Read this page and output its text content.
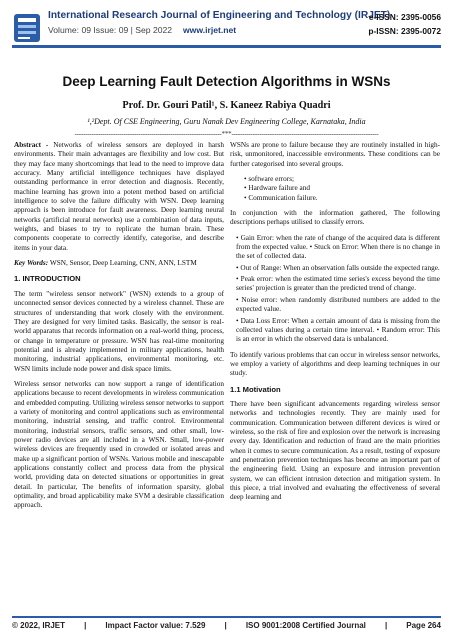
International Research Journal of Engineering and Technology (IRJET)
Volume: 09 Issue: 09 | Sep 2022 www.irjet.net
e-ISSN: 2395-0056
p-ISSN: 2395-0072
Deep Learning Fault Detection Algorithms in WSNs
Prof. Dr. Gouri Patil¹, S. Kaneez Rabiya Quadri
¹,²Dept. Of CSE Engineering, Guru Nanak Dev Engineering College, Karnataka, India
---------------------------------------------------------------------***---------------------------------------------------------------------

Abstract - Networks of wireless sensors are deployed in harsh environments. Their main advantages are flexibility and low cost. But they may face many shortcomings that lead to the need to improve data accuracy. Many artificial intelligence techniques have displayed outstanding performance in error detection and diagnosis. Recently, machine learning has grown into a potent method based on artificial intelligence to solve the failure difficulty with WSN. Deep learning approach is been introduce for fault awareness. Deep learning neural networks (artificial neural networks) use a combination of data inputs, weights, and biases to try to replicate the human brain. These components cooperate to correctly identify, categorise, and describe items in your data.

Key Words: WSN, Sensor, Deep Learning, CNN, ANN, LSTM

1. INTRODUCTION

The term "wireless sensor network" (WSN) extends to a group of unconnected sensor devices connected by a wireless channel. These are structures of understanding that work closely with the environment. They are designed for very limited tasks. Basically, the sensor is real-world apparatus that records information on a real-world thing, process, or change in temperature or pressure. WSN has real-time monitoring potential and is already implemented in military applications, health monitoring, industrial applications, environmental monitoring, etc. WSN limits include node power and disk space limits.

Wireless sensor networks can now support a range of identification applications because to recent developments in wireless communication and embedded computing. Utilizing wireless sensor networks to support a variety of monitoring and control applications such as environmental monitoring, industrial sensing, and traffic control. Environmental monitoring, industrial sensors, traffic sensors, and other small, low-power radio devices are all included in a WSN. Small, low-power wireless devices are frequently used in crowded or isolated areas and make up a significant portion of WSNs. Various mobile and inescapable applications constantly collect and process data from the physical world, providing data on detected situations or opportunities in great detail. In particular, The benefits of information sparsity, global optimality, and broad applicability make SVM a desirable classification approach.

WSNs are prone to failure because they are routinely installed in high-risk, unmonitored, inaccessible environments. These conditions can be further categorised into several groups.

• software errors;
• Hardware failure and
• Communication failure.

In conjunction with the information gathered, The following descriptions perhaps utilised to classify errors.

• Gain Error: when the rate of change of the acquired data is different from the expected value. • Stuck on Error: When there is no change in the set of collected data.

• Out of Range: When an observation falls outside the expected range.

• Peak error: when the estimated time series's excess beyond the time series' projection is greater than the predicted trend of change.

• Noise error: when randomly distributed numbers are added to the expected value.

• Data Loss Error: When a certain amount of data is missing from the collected values during a certain time interval. • Random error: This is an error in which the observed data is unbalanced.

To identify various problems that can occur in wireless sensor networks, we employ a variety of algorithms and deep learning techniques in our study.

1.1 Motivation

There have been significant advancements regarding wireless sensor networks and technologies recently. They are mainly used for communication. Communication between different devices is wired or wireless, so the risk of fire and explosion over the network is increasing every day. Identification and reduction of fraud are the main priorities when it comes to secure communication. As a result, testing of exposure and penetration prevention techniques has become an important part of the engineering field. Using an exposure and intrusion prevention system, we can efficient intrusion detection and mitigation system. In this piece, a trial involved and evaluating the effectiveness of several deep learning and

© 2022, IRJET | Impact Factor value: 7.529 | ISO 9001:2008 Certified Journal | Page 264
